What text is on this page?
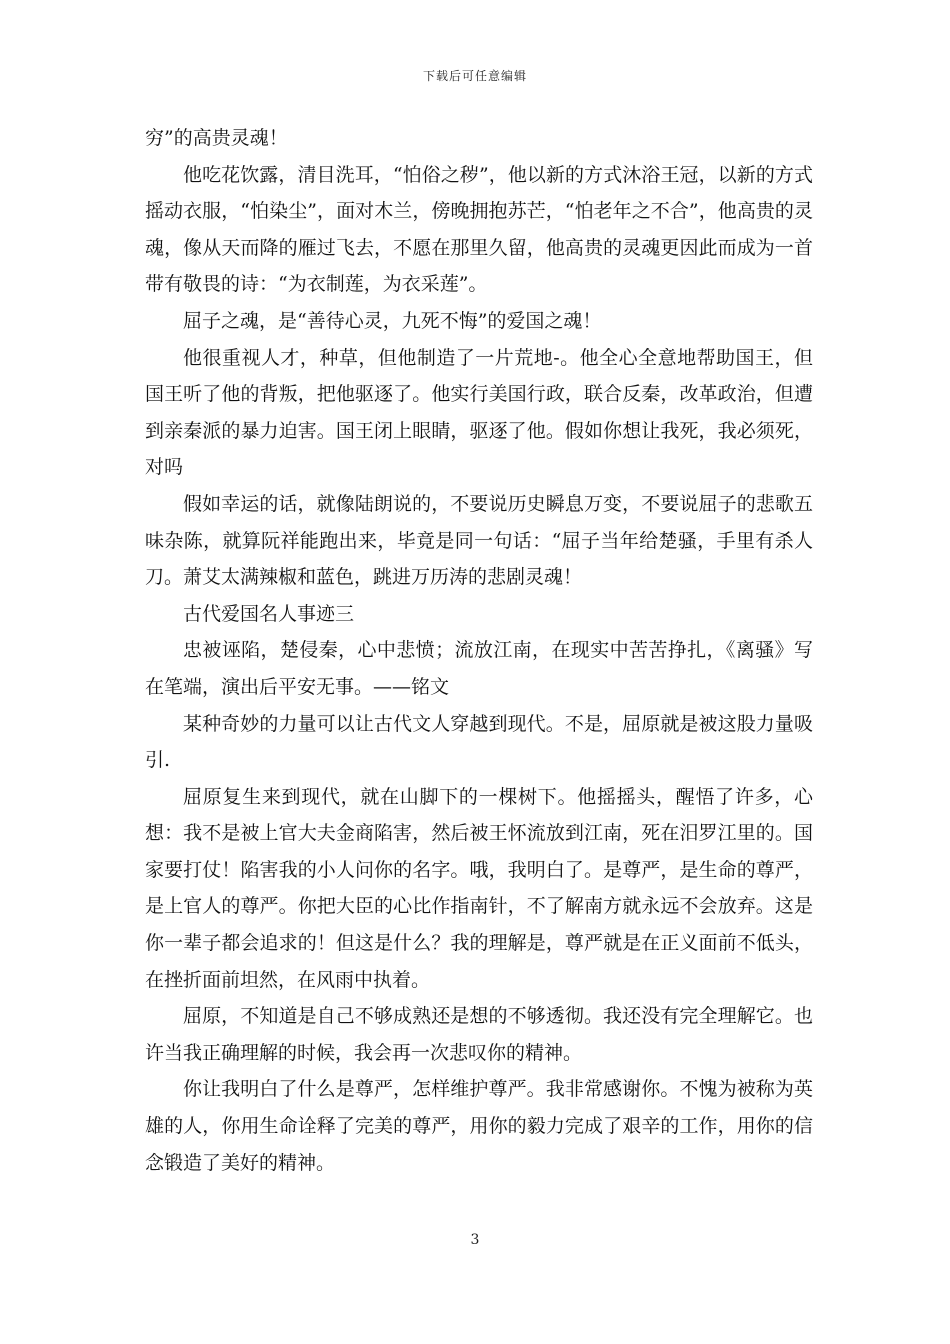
下载后可任意编辑

穷”的高贵灵魂！

他吃花饮露，清目洗耳，“怕俗之秽”，他以新的方式沐浴王冠，以新的方式摇动衣服，“怕染尘”，面对木兰，傍晚拥抱苏芒，“怕老年之不合”，他高贵的灵魂，像从天而降的雁过飞去，不愿在那里久留，他高贵的灵魂更因此而成为一首带有敬畏的诗：“为衣制莲，为衣采莲”。

屈子之魂，是“善待心灵，九死不悔”的爱国之魂！

他很重视人才，种草，但他制造了一片荒地-。他全心全意地帮助国王，但国王听了他的背叛，把他驱逐了。他实行美国行政，联合反秦，改革政治，但遭到亲秦派的暴力迫害。国王闭上眼睛，驱逐了他。假如你想让我死，我必须死，对吗

假如幸运的话，就像陆朗说的，不要说历史瞬息万变，不要说屈子的悲歌五味杂陈，就算阮祥能跑出来，毕竟是同一句话：“屈子当年给楚骚，手里有杀人刀。萧艾太满辣椒和蓝色，跳进万历涛的悲剧灵魂！

古代爱国名人事迹三

忠被诬陷，楚侵秦，心中悲愤；流放江南，在现实中苦苦挣扎，《离骚》写在笔端，演出后平安无事。——铭文

某种奇妙的力量可以让古代文人穿越到现代。不是，屈原就是被这股力量吸引.

屈原复生来到现代，就在山脚下的一棵树下。他摇摇头，醒悟了许多，心想：我不是被上官大夫金商陷害，然后被王怀流放到江南，死在汨罗江里的。国家要打仗！陷害我的小人问你的名字。哦，我明白了。是尊严，是生命的尊严，是上官人的尊严。你把大臣的心比作指南针，不了解南方就永远不会放弃。这是你一辈子都会追求的！但这是什么？我的理解是，尊严就是在正义面前不低头，在挫折面前坦然，在风雨中执着。

屈原，不知道是自己不够成熟还是想的不够透彻。我还没有完全理解它。也许当我正确理解的时候，我会再一次悲叹你的精神。

你让我明白了什么是尊严，怎样维护尊严。我非常感谢你。不愧为被称为英雄的人，你用生命诠释了完美的尊严，用你的毅力完成了艰辛的工作，用你的信念锻造了美好的精神。

3
